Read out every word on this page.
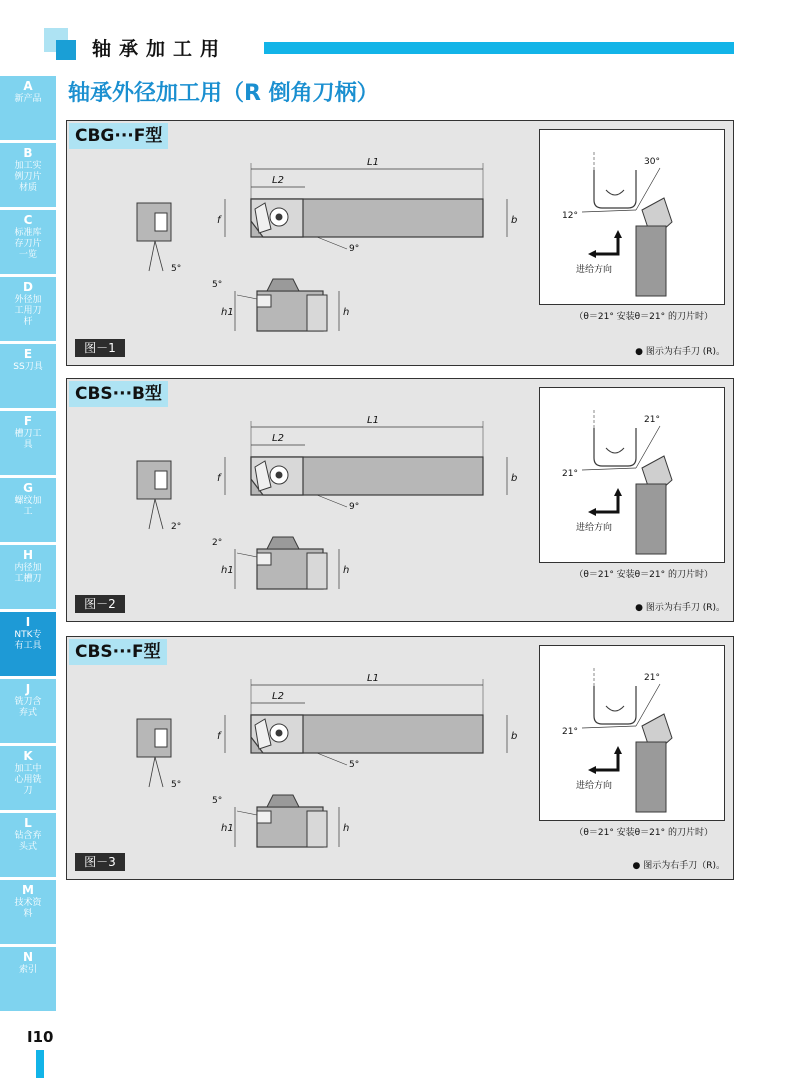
轴承加工用
轴承外径加工用（R 倒角刀柄）
A
新产品
B
加工实例刀片材质
C
标准库存刀片一览
D
外径加工用刀杆
E
SS刀具
F
槽刀工具
G
螺纹加工
H
内径加工槽刀
I
NTK专有工具
J
铣刀含弃式
K
加工中心用铣刀
L
钻含弃头式
M
技术资料
N
索引
I10
CBG···F型
5°
L1
L2
f	b
9°
h1	h
5°
30°
12°
进给方向
（θ＝21° 安装θ＝21° 的刀片时）
图－1	● 图示为右手刀 (R)。
CBS···B型
2°
L1
L2
f	b
9°
h1	h
2°
21°
21°
进给方向
（θ＝21° 安装θ＝21° 的刀片时）
图－2	● 图示为右手刀 (R)。
CBS···F型
5°
L1
L2
f	b
5°
h1	h
5°
21°
21°
进给方向
（θ＝21° 安装θ＝21° 的刀片时）
图－3	● 图示为右手刀（R)。
